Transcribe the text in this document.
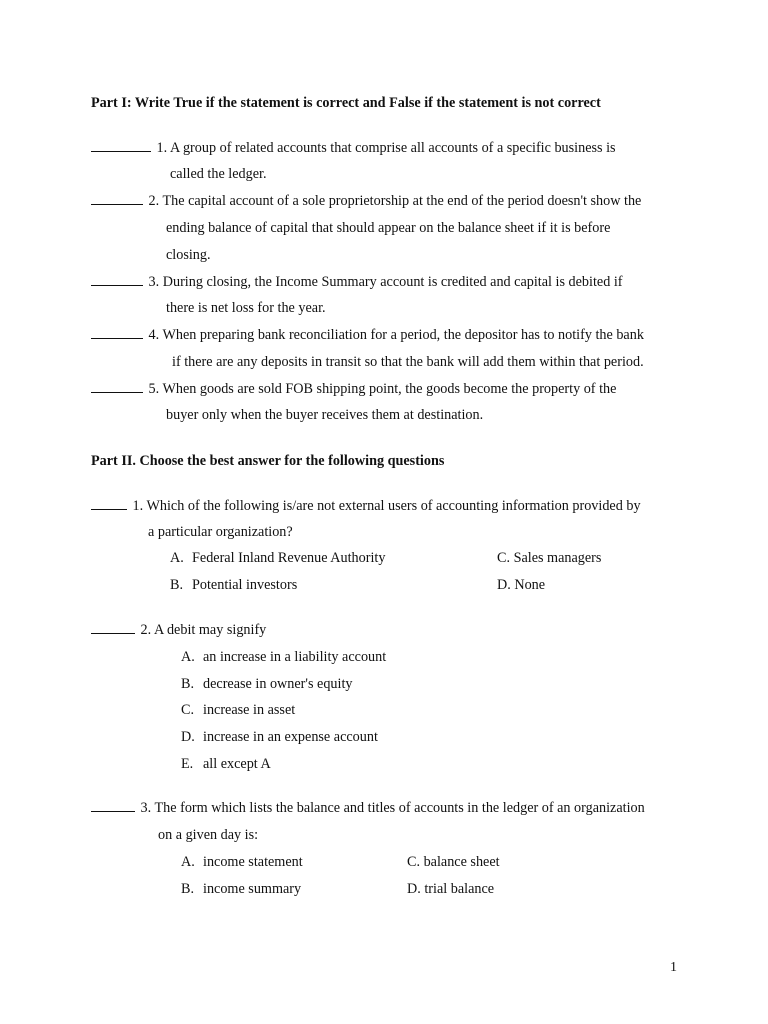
Part I: Write True if the statement is correct and False if the statement is not correct
1. A group of related accounts that comprise all accounts of a specific business is
called the ledger.
2. The capital account of a sole proprietorship at the end of the period doesn't show the
ending balance of capital that should appear on the balance sheet if it is before
closing.
3. During closing, the Income Summary account is credited and capital is debited if
there is net loss for the year.
4. When preparing bank reconciliation for a period, the depositor has to notify the bank
if there are any deposits in transit so that the bank will add them within that period.
5. When goods are sold FOB shipping point, the goods become the property of the
buyer only when the buyer receives them at destination.
Part II. Choose the best answer for the following questions
1. Which of the following is/are not external users of accounting information provided by
a particular organization?
A. Federal Inland Revenue Authority	C. Sales managers
B. Potential investors	D. None
2. A debit may signify
A. an increase in a liability account
B. decrease in owner's equity
C. increase in asset
D. increase in an expense account
E. all except A
3. The form which lists the balance and titles of accounts in the ledger of an organization
on a given day is:
A. income statement	C. balance sheet
B. income summary	D. trial balance
1
